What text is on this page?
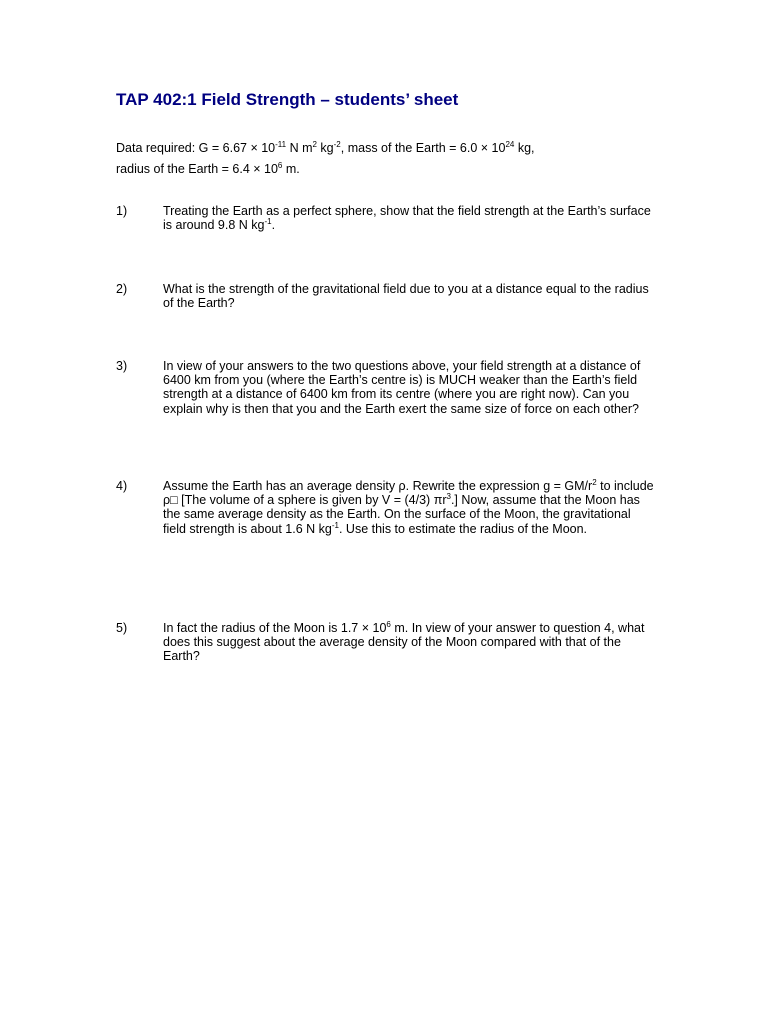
TAP 402:1 Field Strength – students’ sheet
Data required: $G = 6.67 \times 10^{-11}$ N $m^2$ $kg^{-2}$, mass of the Earth = $6.0 \times 10^{24}$ kg,
radius of the Earth = $6.4 \times 10^6$ m.
1)	Treating the Earth as a perfect sphere, show that the field strength at the Earth’s surface is around 9.8 N $kg^{-1}$.
2)	What is the strength of the gravitational field due to you at a distance equal to the radius of the Earth?
3)	In view of your answers to the two questions above, your field strength at a distance of 6400 km from you (where the Earth’s centre is) is MUCH weaker than the Earth’s field strength at a distance of 6400 km from its centre (where you are right now). Can you explain why is then that you and the Earth exert the same size of force on each other?
4)	Assume the Earth has an average density ρ. Rewrite the expression $g = GM/r^2$ to include ρ□ [The volume of a sphere is given by V = (4/3) $\pi r^3$.] Now, assume that the Moon has the same average density as the Earth. On the surface of the Moon, the gravitational field strength is about 1.6 N $kg^{-1}$. Use this to estimate the radius of the Moon.
5)	In fact the radius of the Moon is $1.7 \times 10^6$ m. In view of your answer to question 4, what does this suggest about the average density of the Moon compared with that of the Earth?
